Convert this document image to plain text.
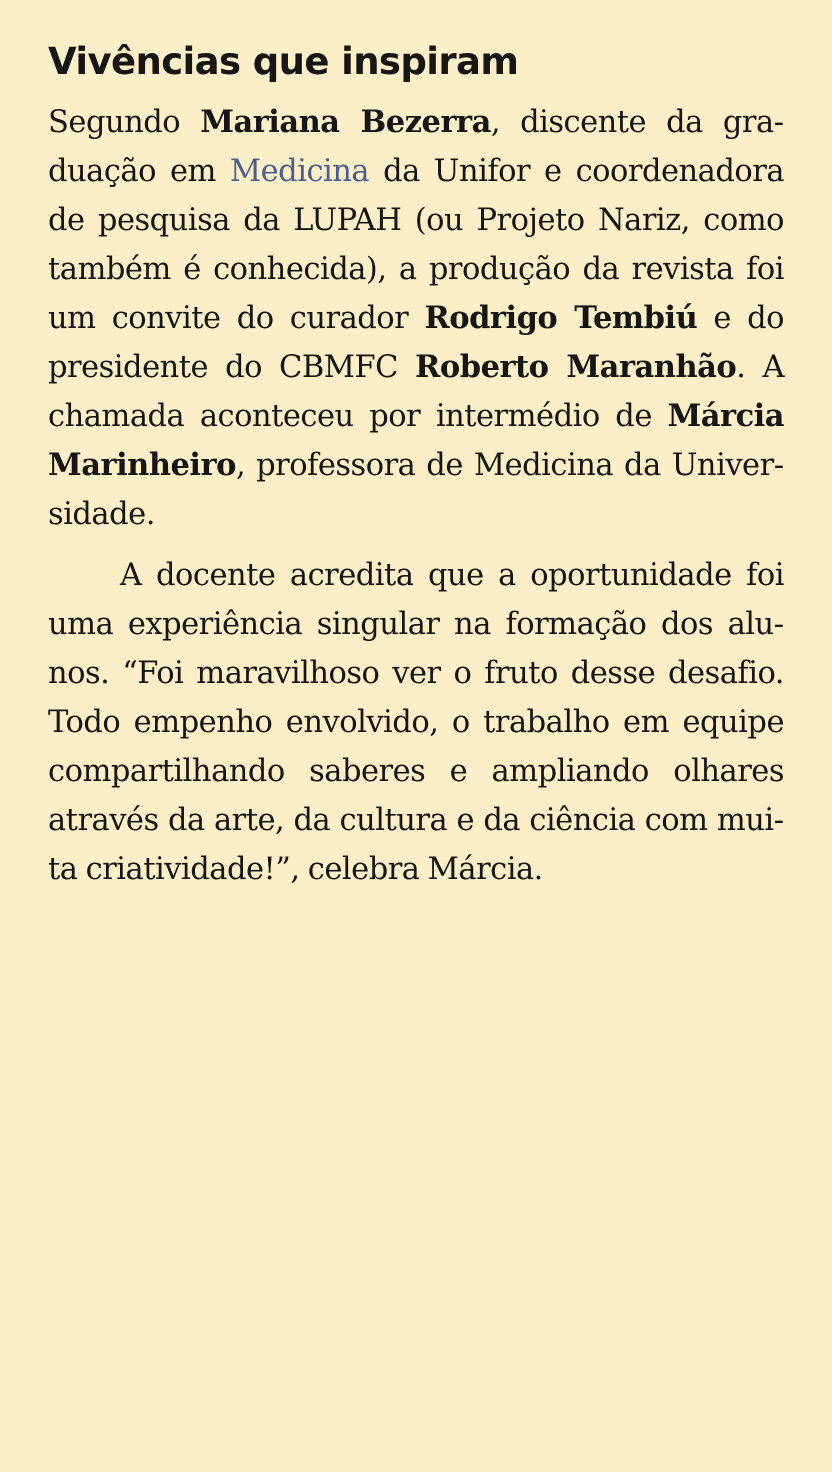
Vivências que inspiram

Segundo Mariana Bezerra, discente da graduação em Medicina da Unifor e coordenadora de pesquisa da LUPAH (ou Projeto Nariz, como também é conhecida), a produção da revista foi um convite do curador Rodrigo Tembiú e do presidente do CBMFC Roberto Maranhão. A chamada aconteceu por intermédio de Márcia Marinheiro, professora de Medicina da Universidade.

A docente acredita que a oportunidade foi uma experiência singular na formação dos alunos. “Foi maravilhoso ver o fruto desse desafio. Todo empenho envolvido, o trabalho em equipe compartilhando saberes e ampliando olhares através da arte, da cultura e da ciência com muita criatividade!”, celebra Márcia.
